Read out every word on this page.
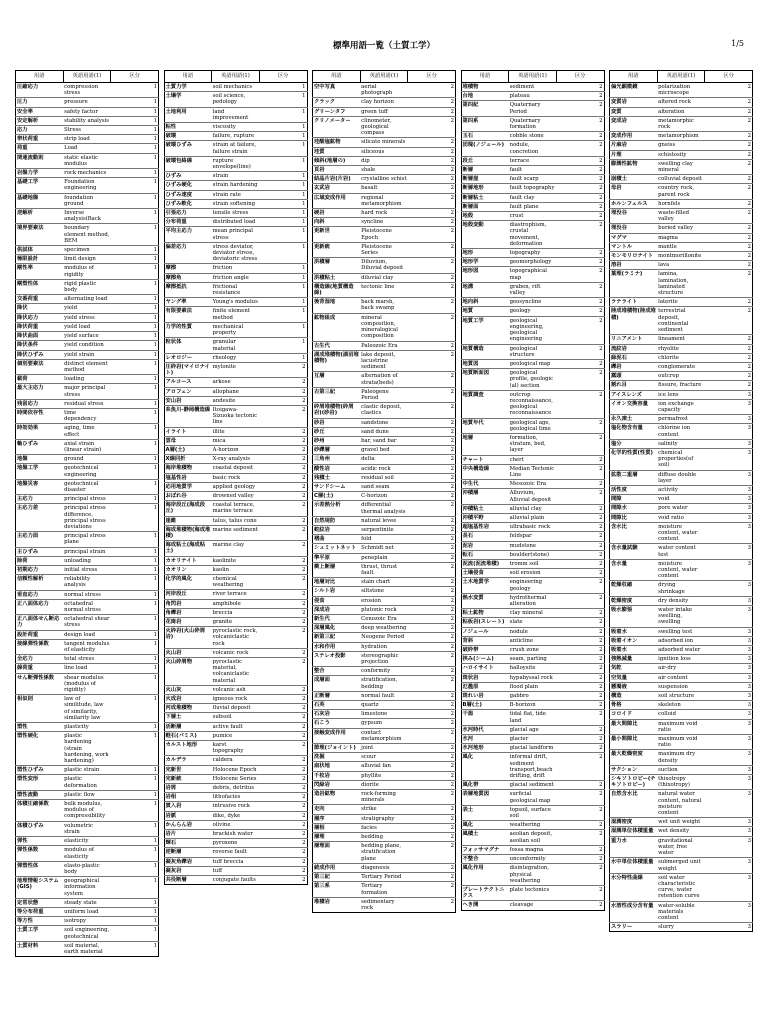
標準用語一覧（土質工学）	1/5
用語	英語用語(1)	区分
圧縮応力	compression stress	1
圧力	pressure	1
安全率	safety factor	1
安定解析	stability analysis	1
応力	Stress	1
帯状荷重	strip load	1
荷重	Load	1
関連流動則	static elastic modulus	1
岩盤力学	rock mechanics	1
基礎工学	Foundation engineering	1
基礎地盤	foundation ground	1
逆解析	Inverse analysis(Back	1
境界要素法	boundary element method, BEM	1
供試体	specimen	1
極限設計	limit design	1
剛性率	modulus of rigidity	1
剛塑性体	rigid plastic body	1
交番荷重	alternating load	1
降伏	yield	1
降伏応力	yield stress	1
降伏荷重	yield load	1
降伏曲面	yield surface	1
降伏条件	yield condition	1
降伏ひずみ	yield strain	1
個別要素法	distinct element method	1
載荷	loading	1
最大主応力	major principal stress	1
残留応力	residual stress	1
時間依存性	time dependency	1
時効効果	aging, time effect	1
軸ひずみ	axial strain (linear strain)	1
地盤	ground	1
地盤工学	geotechnical engineering	1
地盤災害	geotechnical disaster	1
主応力	principal stress	1
主応力差	principal stress difference, principal stress deviations	1
主応力面	principal stress plane	1
主ひずみ	principal strain	1
除荷	unloading	1
初期応力	initial stress	1
信頼性解析	reliability analysis	1
垂直応力	normal stress	1
正八面体応力	octahedral normal stress	1
正八面体せん断応力	octahedral shear stress	1
設計荷重	design load	1
接線弾性係数	tangent modulus of elasticity	1
全応力	total stress	1
線荷重	line load	1
せん断弾性係数	shear modulus (modulus of rigidity)	1
相似則	law of similitude, law of similarity, similarity law	1
塑性	plasticity	1
塑性硬化	plastic hardening (strain hardening, work hardening)	1
塑性ひずみ	plastic strain	1
塑性変形	plastic deformation	1
塑性流動	plastic flow	1
体積圧縮係数	bulk modulus, modulus of compressibility	1
体積ひずみ	volumetric strain	1
弾性	elasticity	1
弾性係数	modulus of elasticity	1
弾塑性体	elasto-plastic body	1
地理情報システム(GIS)	geographical information system	1
定常状態	steady state	1
等分布荷重	uniform load	1
等方性	isotropy	1
土質工学	soil engineering, geotechnical	1
土質材料	soil material, earth material	1
用語	英語用語(1)	区分
土質力学	soil mechanics	1
土壌学	soil science, pedology	1
土地利用	land improvement	1
粘性	viscosity	1
破壊	failure, rupture	1
破壊ひずみ	strain at failure, failure strain	1
破壊包絡線	rupture envelope(line)	1
ひずみ	strain	1
ひずみ硬化	strain hardening	1
ひずみ速度	strain rate	1
ひずみ軟化	strain softening	1
引張応力	tensile stress	1
分布荷重	distributed load	1
平均主応力	mean principal stress	1
偏差応力	stress deviator, deviator stress, deviatoric stress	1
摩擦	friction	1
摩擦角	friction angle	1
摩擦抵抗	frictional resistance	1
ヤング率	Young's modulus	1
有限要素法	finite element method	1
力学的性質	mechanical property	1
粒状体	granular material	1
レオロジー	rheology	1
圧砕岩(マイロナイト)	mylonite	2
アルコース	arkose	2
アロフェン	allophane	2
安山岩	andesite	2
糸魚川-静岡構造線	Itoigawa-Sizuoka tectonic line	2
イライト	illite	2
雲母	mica	2
A層(土)	A-horizon	2
X線回折	X-ray analysis	2
海岸堆積物	coastal deposit	2
塩基性岩	basic rock	2
応用地質学	applied geology	2
おぼれ谷	drowned valley	2
海岸段丘(海成段丘)	coastal terrace, marine terrace	2
崖錐	talus, talus cone	2
海成堆積物(海成堆積)	marine sediment	2
海成粘土(海成粘土)	marine clay	2
カオリナイト	kaolinite	2
カオリン	kaolin	2
化学的風化	chemical weathering	2
河岸段丘	river terrace	2
角閃岩	amphibole	2
角礫岩	breccia	2
花崗岩	granite	2
火砕岩(火山砕屑岩)	pyroclastic rock, volcaniclastic rock	2
火山岩	volcanic rock	2
火山砕屑物	pyroclastic material, volcaniclastic material	2
火山灰	volcanic ash	2
火成岩	igneous rock	2
河成堆積物	fluvial deposit	2
下層土	subsoil	2
活断層	active fault	2
軽石(パミス)	pumice	2
カルスト地形	karst topography	2
カルデラ	caldera	2
完新世	Holocene Epoch	2
完新統	Holocene Series	2
岩屑	debris, detritus	2
岩相	lithofacies	2
貫入岩	intrusive rock	2
岩脈	dike, dyke	2
かんらん岩	olivine	2
岩片	brackish water	2
輝石	pyroxene	2
逆断層	reverse fault	2
凝灰角礫岩	tuff breccia	2
凝灰岩	tuff	2
共役断層	conjugate faults	2
用語	英語用語(1)	区分
空中写真	aerial photograph	2
クラック	clay horizon	2
グリーンタフ	green tuff	2
クリノメーター	clinometer, geological compass	2
珪酸塩鉱物	silicate minerals	2
珪質	siliceous	2
傾斜(地層の)	dip	2
頁岩	shale	2
結晶片岩(片岩)	crystalline schist	2
玄武岩	basalt	2
広域変成作用	regional metamorphism	2
硬岩	hard rock	2
向斜	syncline	2
更新世	Pleistocene Epoch	2
更新統	Pleistocene Series	2
洪積層	Diluvium, Diluvial deposit	2
洪積粘土	diluvial clay	2
構造線(地質構造線)	tectonic line	2
後背湿地	back marsh, back swamp	2
鉱物組成	mineral composition, mineralogical composition	2
古生代	Paleozoic Era	2
湖成堆積物(湖沼堆積物)	lake deposit, lacustrine sediment	2
互層	alternation of strata(beds)	2
古第三紀	Paleogene Period	2
砕屑堆積物(砕屑岩)(砂岩)	clastic deposit, clastics	2
砂岩	sandstone	2
砂丘	sand dune	2
砂州	bar, sand bar	2
砂礫層	gravel bed	2
三角州	delta	2
酸性岩	acidic rock	2
残積土	residual soil	2
サンドシーム	sand seam	2
C層(土)	C-horizon	2
示差熱分析	differential thermal analysis	2
自然堤防	natural levee	2
蛇紋岩	serpentinite	2
褶曲	fold	2
シュミットネット	Schmidt net	2
準平原	peneplain	2
衝上断層	thrust, thrust fault	2
地層対比	stain chart	2
シルト岩	siltstone	2
侵食	erosion	2
深成岩	plutonic rock	2
新生代	Cenozoic Era	2
深層風化	deep weathering	2
新第三紀	Neogene Period	2
水和作用	hydration	2
ステレオ投影	stereographic projection	2
整合	conformity	2
成層面	stratification, bedding	2
正断層	normal fault	2
石英	quartz	2
石灰岩	limestone	2
石こう	gypsum	2
接触変成作用	contact metamorphism	2
節理(ジョイント)	joint	2
洗掘	scour	2
扇状地	alluvial fan	2
千枚岩	phyllite	2
閃緑岩	diorite	2
造岩鉱物	rock-forming minerals	2
走向	strike	2
層序	stratigraphy	2
層相	facies	2
層理	bedding	2
層理面	bedding plane, stratification plane	2
続成作用	diagenesis	2
第三紀	Tertiary Period	2
第三系	Tertiary formation	2
堆積岩	sedimentary rock	2
用語	英語用語(1)	区分
堆積物	sediment	2
台地	plateau	2
第四紀	Quaternary Period	2
第四系	Quaternary formation	2
玉石	cobble stone	2
団塊(ノジュール)	nodule, concretion	2
段丘	terrace	2
断層	fault	2
断層崖	fault scarp	2
断層地形	fault topography	2
断層粘土	fault clay	2
断層面	fault plane	2
地殻	crust	2
地殻変動	diastrophism, crustal movement, deformation	2
地形	topography	2
地形学	geomorphology	2
地形図	topographical map	2
地溝	graben, rift valley	2
地向斜	geosyncline	2
地質	geology	2
地質工学	geological engineering, geological engineering	2
地質構造	geological structure	2
地質図	geological map	2
地質断面図	geological profile, geologic (al) section	2
地質調査	outcrop reconnaissance, geological reconnaissance	2
地質年代	geological age, geological time	2
地層	formation, stratum, bed, layer	2
チャート	chert	2
中央構造線	Median Tectonic Line	2
中生代	Mesozoic Era	2
沖積層	Alluvium, Alluvial deposit	2
沖積粘土	alluvial clay	2
沖積平野	alluvial plain	2
超塩基性岩	ultrabasic rock	2
長石	feldspar	2
泥岩	mudstone	2
転石	boulder(stone)	2
泥流(泥流堆積)	tromm soil	2
土壌侵食	soil erosion	2
土木地質学	engineering geology	2
熱水変質	hydrothermal alteration	2
粘土鉱物	clay mineral	2
粘板岩(スレート)	slate	2
ノジュール	nodule	2
背斜	anticline	2
破砕帯	crush zone	2
挟み(シーム)	seam, parting	2
ハロイサイト	halloysite	2
斑状岩	hypabyssal rock	2
氾濫原	flood plain	2
斑れい岩	gabbro	2
B層(土)	B-horizon	2
干潟	tidal flat, tide land	2
氷河時代	glacial age	2
氷河	glacier	2
氷河地形	glacial landform	2
風化	informal drift, sediment transport,beach drifting, drift	2
風化帯	glacial sediment	2
表層地質図	surficial geological map	2
表土	topsoil, surface soil	2
風化	weathering	2
風積土	aeolian deposit, aeolian soil	2
フォッサマグナ	fossa magna	2
不整合	unconformity	2
風化作用	disintegration, physical weathering	2
プレートテクトニクス	plate tectonics	2
へき開	cleavage	2
用語	英語用語(1)	区分
偏光顕微鏡	polarization microscope	2
変質岩	altered rock	2
変質	alteration	2
変成岩	metamorphic rock	2
変成作用	metamorphism	2
片麻岩	gneiss	2
片理	schistosity	2
膨潤性鉱物	swelling clay mineral	2
崩積土	colluvial deposit	2
母岩	country rock, parent rock	2
ホルンフェルス	hornfels	2
埋没谷	waste-filled valley	2
埋没谷	buried valley	2
マグマ	magma	2
マントル	mantle	2
モンモリロナイト	montmorillonite	2
溶岩	lava	2
葉理(ラミナ)	lamina, lamination, laminated structure	2
ラテライト	laterite	2
陸成堆積物(陸成堆積)	terrestrial deposit, continental sediment	2
リニアメント	lineament	2
流紋岩	rhyolite	2
緑泥石	chlorite	2
礫岩	conglomerate	2
露頭	outcrop	2
割れ目	fissure, fracture	2
アイスレンズ	ice lens	3
イオン交換容量	ion exchange capacity	3
永久凍土	permafrost	3
塩化物含有量	chlorine ion content	3
塩分	salinity	3
化学的性質(性質)	chemical properties(of soil)	3
拡散二重層	diffuse double layer	3
活性度	activity	3
間隙	void	3
間隙水	pore water	3
間隙比	void ratio	3
含水比	moisture content, water content	3
含水量試験	water content test	3
含水量	moisture content, water content	3
乾燥収縮	drying shrinkage	3
乾燥密度	dry density	3
吸水膨張	water intake swelling, swelling	3
吸着水	swelling test	3
吸着イオン	adsorbed ion	3
吸着水	adsorbed water	3
強熱減量	ignition loss	3
気乾	air-dry	3
空気量	air content	3
懸濁液	suspension	3
構造	soil structure	3
骨格	skeleton	3
コロイド	colloid	3
最大間隙比	maximum void ratio	3
最小間隙比	maximum void ratio	3
最大乾燥密度	maximum dry density	3
サクション	suction	3
シキソトロピー(チキソトロピー)	thixotropy (thixotropy)	3
自然含水比	natural water content, natural moisture content	3
湿潤密度	wet unit weight	3
湿潤単位体積重量	wet density	3
重力水	gravitational water, free water	3
水中単位体積重量	submerged unit weight	3
水分特性曲線	soil water characteristic curve, water retention curve	3
水溶性成分含有量	water-soluble materials content	3
スラリー	slurry	3
